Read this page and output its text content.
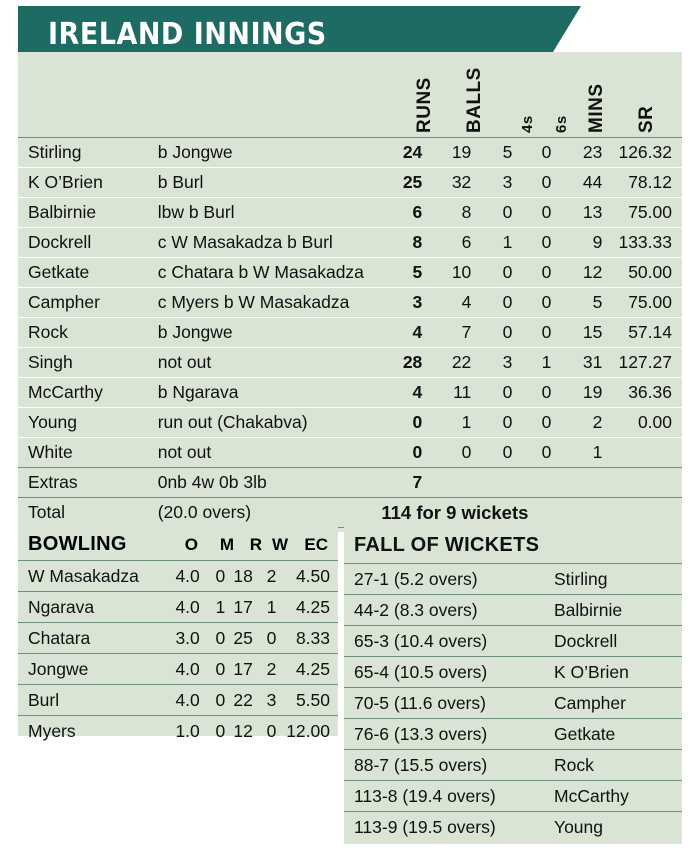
IRELAND INNINGS
RUNS BALLS 4s 6s MINS SR
Stirling	b Jongwe	24	19	5	0	23	126.32
K O’Brien	b Burl	25	32	3	0	44	78.12
Balbirnie	lbw b Burl	6	8	0	0	13	75.00
Dockrell	c W Masakadza b Burl	8	6	1	0	9	133.33
Getkate	c Chatara b W Masakadza	5	10	0	0	12	50.00
Campher	c Myers b W Masakadza	3	4	0	0	5	75.00
Rock	b Jongwe	4	7	0	0	15	57.14
Singh	not out	28	22	3	1	31	127.27
McCarthy	b Ngarava	4	11	0	0	19	36.36
Young	run out (Chakabva)	0	1	0	0	2	0.00
White	not out	0	0	0	0	1	
Extras	0nb 4w 0b 3lb	7					
Total	(20.0 overs)	114 for 9 wickets					
BOWLING	O	M R W EC
W Masakadza	4.0	0	18	2	4.50
Ngarava	4.0	1	17	1	4.25
Chatara	3.0	0	25	0	8.33
Jongwe	4.0	0	17	2	4.25
Burl	4.0	0	22	3	5.50
Myers	1.0	0	12	0	12.00
FALL OF WICKETS
27-1 (5.2 overs)	Stirling
44-2 (8.3 overs)	Balbirnie
65-3 (10.4 overs)	Dockrell
65-4 (10.5 overs)	K O’Brien
70-5 (11.6 overs)	Campher
76-6 (13.3 overs)	Getkate
88-7 (15.5 overs)	Rock
113-8 (19.4 overs)	McCarthy
113-9 (19.5 overs)	Young
